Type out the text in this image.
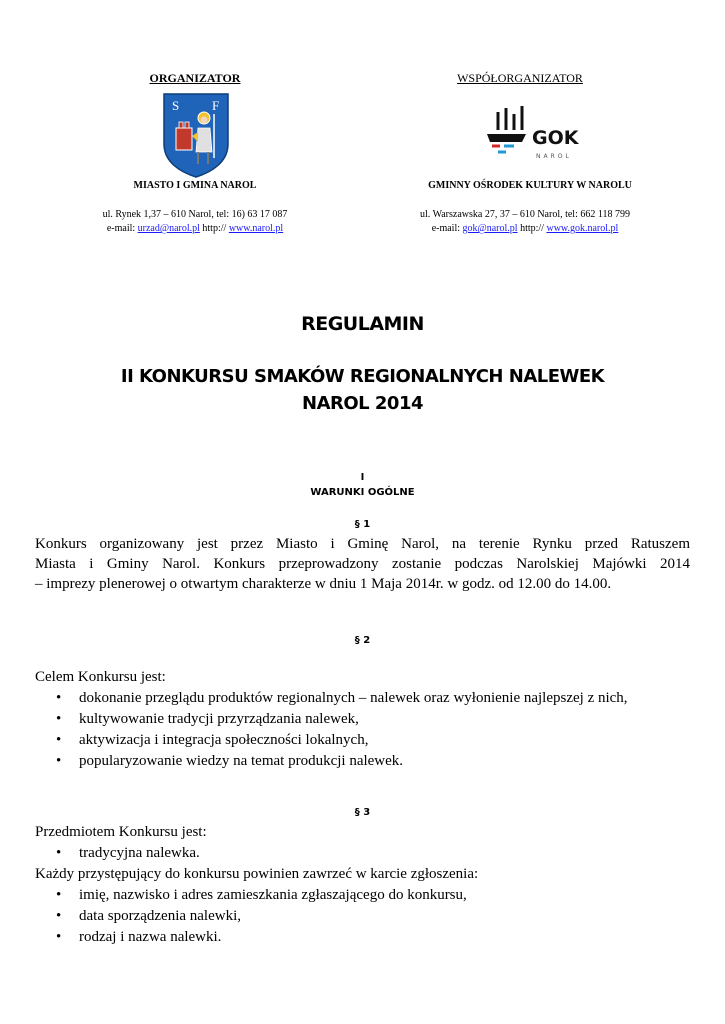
ORGANIZATOR
S	F
MIASTO I GMINA NAROL
ul. Rynek 1,37 – 610 Narol, tel: 16) 63 17 087
e-mail: urzad@narol.pl http:// www.narol.pl
WSPÓŁORGANIZATOR
GOK
NAROL
GMINNY OŚRODEK KULTURY W NAROLU
ul. Warszawska 27, 37 – 610 Narol, tel: 662 118 799
e-mail: gok@narol.pl http:// www.gok.narol.pl
REGULAMIN
II KONKURSU SMAKÓW REGIONALNYCH NALEWEK
NAROL 2014
I
WARUNKI OGÓLNE
§ 1
Konkurs organizowany jest przez Miasto i Gminę Narol, na terenie Rynku przed Ratuszem
Miasta i Gminy Narol. Konkurs przeprowadzony zostanie podczas Narolskiej Majówki 2014
– imprezy plenerowej o otwartym charakterze w dniu 1 Maja 2014r. w godz. od 12.00 do 14.00.
§ 2
Celem Konkursu jest:
• dokonanie przeglądu produktów regionalnych – nalewek oraz wyłonienie najlepszej z nich,
• kultywowanie tradycji przyrządzania nalewek,
• aktywizacja i integracja społeczności lokalnych,
• popularyzowanie wiedzy na temat produkcji nalewek.
§ 3
Przedmiotem Konkursu jest:
• tradycyjna nalewka.
Każdy przystępujący do konkursu powinien zawrzeć w karcie zgłoszenia:
• imię, nazwisko i adres zamieszkania zgłaszającego do konkursu,
• data sporządzenia nalewki,
• rodzaj i nazwa nalewki.
